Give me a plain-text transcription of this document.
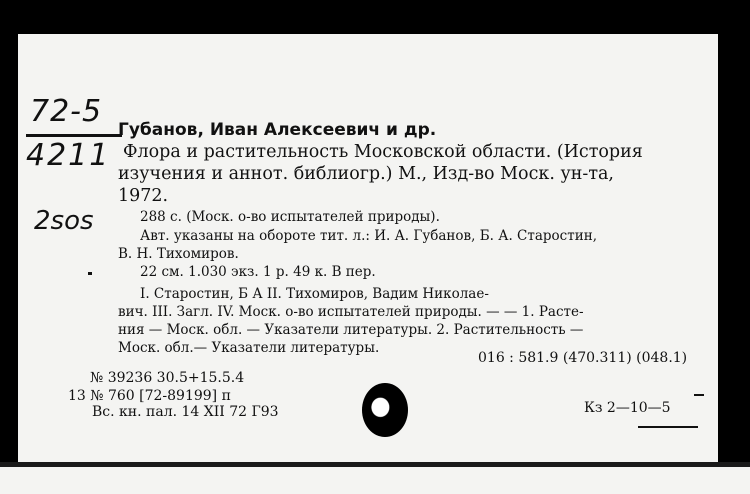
72-5
4211
2sos
Губанов, Иван Алексеевич и др.
Флора и растительность Московской области. (История
изучения и аннот. библиогр.) М., Изд-во Моск. ун-та,
1972.
288 с. (Моск. о-во испытателей природы).
Авт. указаны на обороте тит. л.: И. А. Губанов, Б. А. Старостин,
В. Н. Тихомиров.
22 см. 1.030 экз. 1 р. 49 к. В пер.
I. Старостин, Б А II. Тихомиров, Вадим Николае-
вич. III. Загл. IV. Моск. о-во испытателей природы. — — 1. Расте-
ния — Моск. обл. — Указатели литературы. 2. Растительность —
Моск. обл.— Указатели литературы.
016 : 581.9 (470.311) (048.1)
№ 39236 30.5+15.5.4
13 № 760 [72-89199] п
Вс. кн. пал. 14 XII 72 Г93	Кз 2—10—5
